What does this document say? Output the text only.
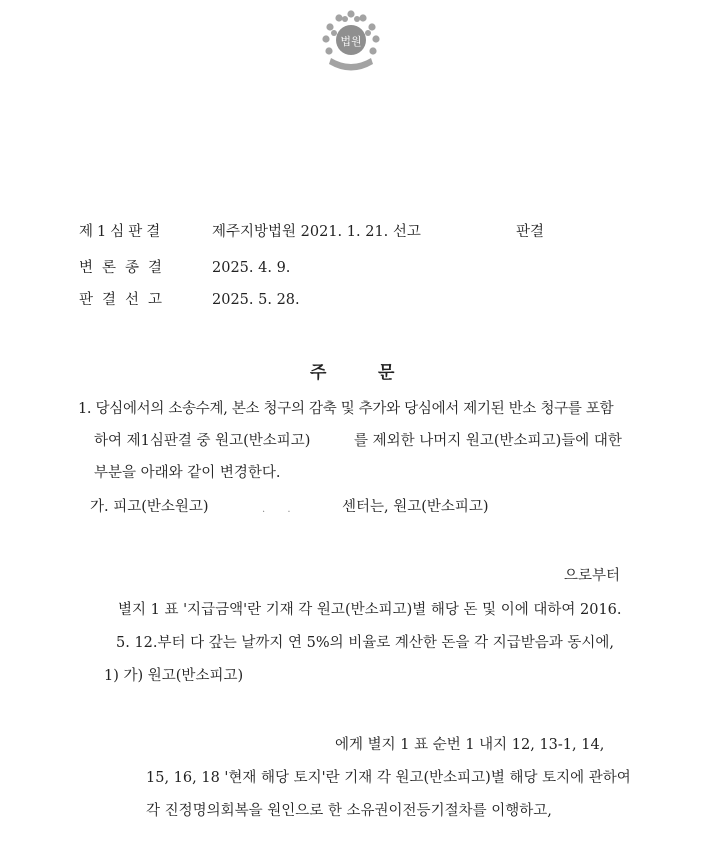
법원
제1심판결	제주지방법원 2021. 1. 21. 선고	판결
변론종결	2025. 4. 9.
판결선고	2025. 5. 28.
주	문
1. 당심에서의 소송수계, 본소 청구의 감축 및 추가와 당심에서 제기된 반소 청구를 포함
하여 제1심판결 중 원고(반소피고)	를 제외한 나머지 원고(반소피고)들에 대한
부분을 아래와 같이 변경한다.
가. 피고(반소원고)	.       .	센터는, 원고(반소피고)
으로부터
별지 1 표 '지급금액'란 기재 각 원고(반소피고)별 해당 돈 및 이에 대하여 2016.
5. 12.부터 다 갚는 날까지 연 5%의 비율로 계산한 돈을 각 지급받음과 동시에,
1) 가) 원고(반소피고)
에게 별지 1 표 순번 1 내지 12, 13-1, 14,
15, 16, 18 '현재 해당 토지'란 기재 각 원고(반소피고)별 해당 토지에 관하여
각 진정명의회복을 원인으로 한 소유권이전등기절차를 이행하고,
